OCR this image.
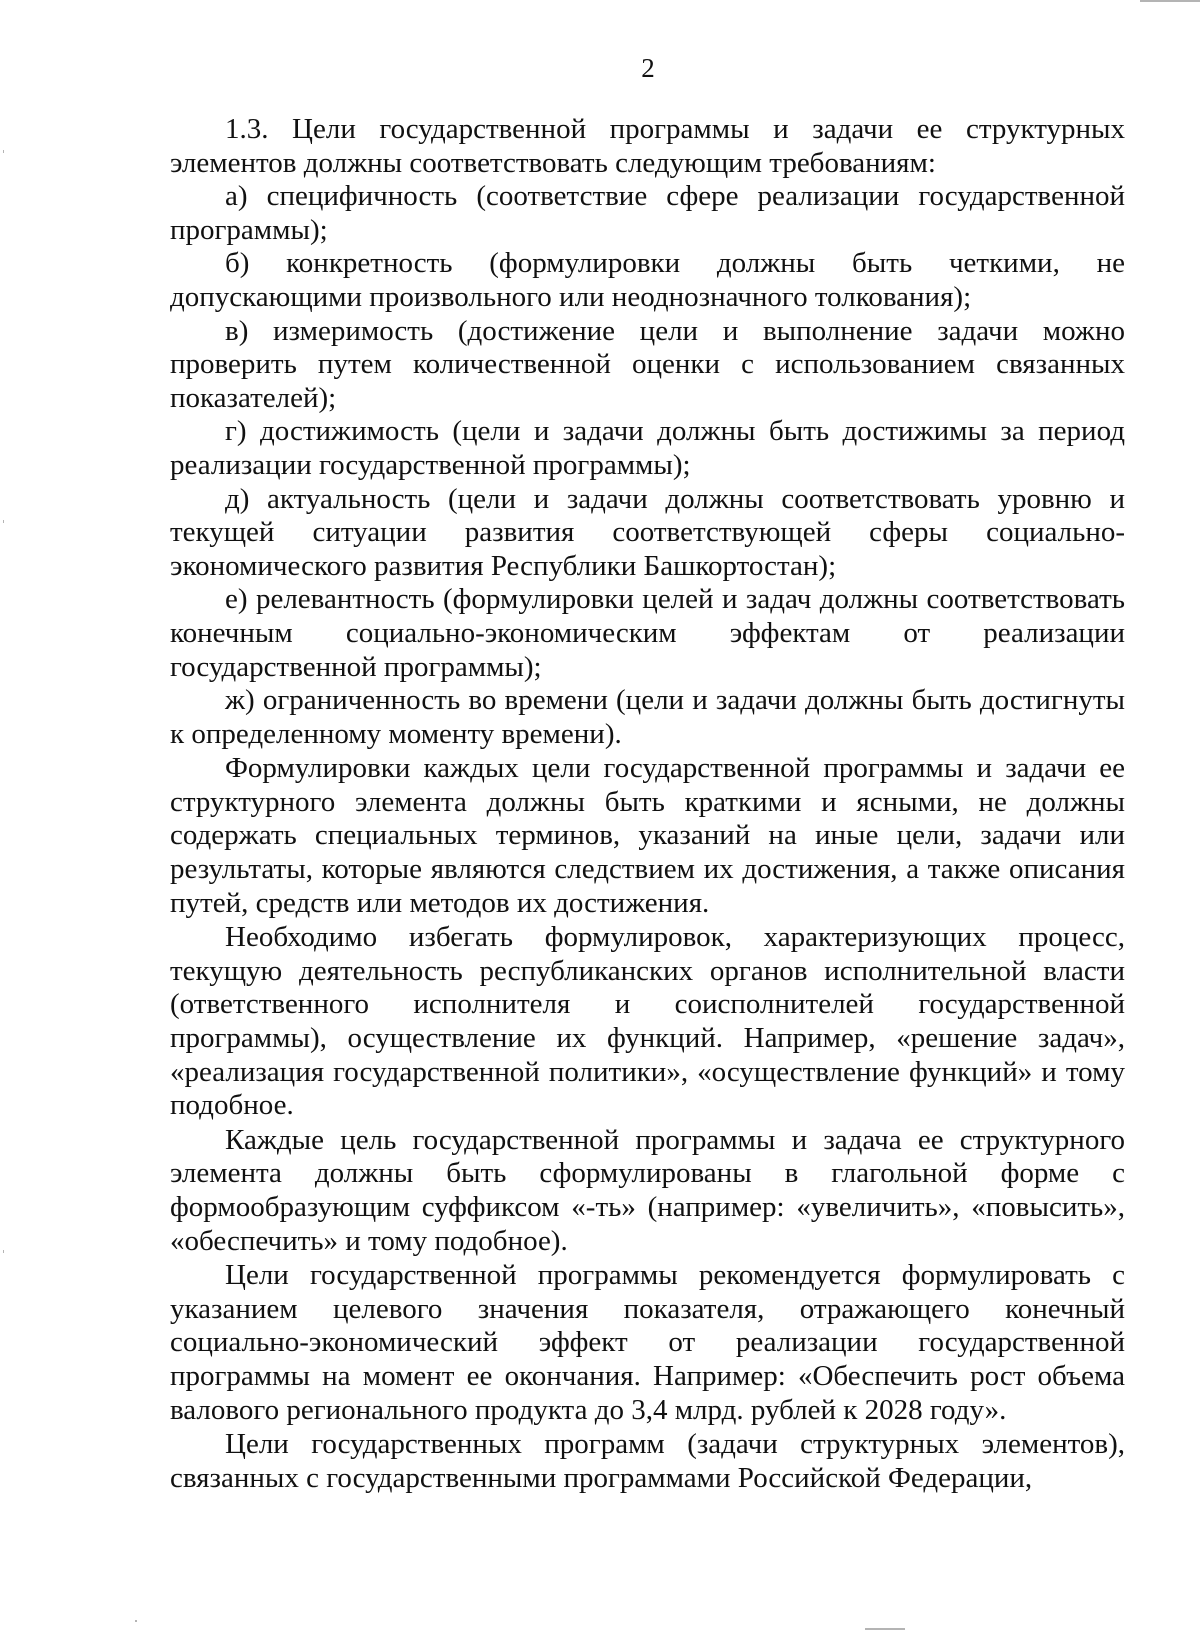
2

1.3. Цели государственной программы и задачи ее структурных элементов должны соответствовать следующим требованиям:

а) специфичность (соответствие сфере реализации государственной программы);

б) конкретность (формулировки должны быть четкими, не допускающими произвольного или неоднозначного толкования);

в) измеримость (достижение цели и выполнение задачи можно проверить путем количественной оценки с использованием связанных показателей);

г) достижимость (цели и задачи должны быть достижимы за период реализации государственной программы);

д) актуальность (цели и задачи должны соответствовать уровню и текущей ситуации развития соответствующей сферы социально-экономического развития Республики Башкортостан);

е) релевантность (формулировки целей и задач должны соответствовать конечным социально-экономическим эффектам от реализации государственной программы);

ж) ограниченность во времени (цели и задачи должны быть достигнуты к определенному моменту времени).

Формулировки каждых цели государственной программы и задачи ее структурного элемента должны быть краткими и ясными, не должны содержать специальных терминов, указаний на иные цели, задачи или результаты, которые являются следствием их достижения, а также описания путей, средств или методов их достижения.

Необходимо избегать формулировок, характеризующих процесс, текущую деятельность республиканских органов исполнительной власти (ответственного исполнителя и соисполнителей государственной программы), осуществление их функций. Например, «решение задач», «реализация государственной политики», «осуществление функций» и тому подобное.

Каждые цель государственной программы и задача ее структурного элемента должны быть сформулированы в глагольной форме с формообразующим суффиксом «-ть» (например: «увеличить», «повысить», «обеспечить» и тому подобное).

Цели государственной программы рекомендуется формулировать с указанием целевого значения показателя, отражающего конечный социально-экономический эффект от реализации государственной программы на момент ее окончания. Например: «Обеспечить рост объема валового регионального продукта до 3,4 млрд. рублей к 2028 году».

Цели государственных программ (задачи структурных элементов), связанных с государственными программами Российской Федерации,
